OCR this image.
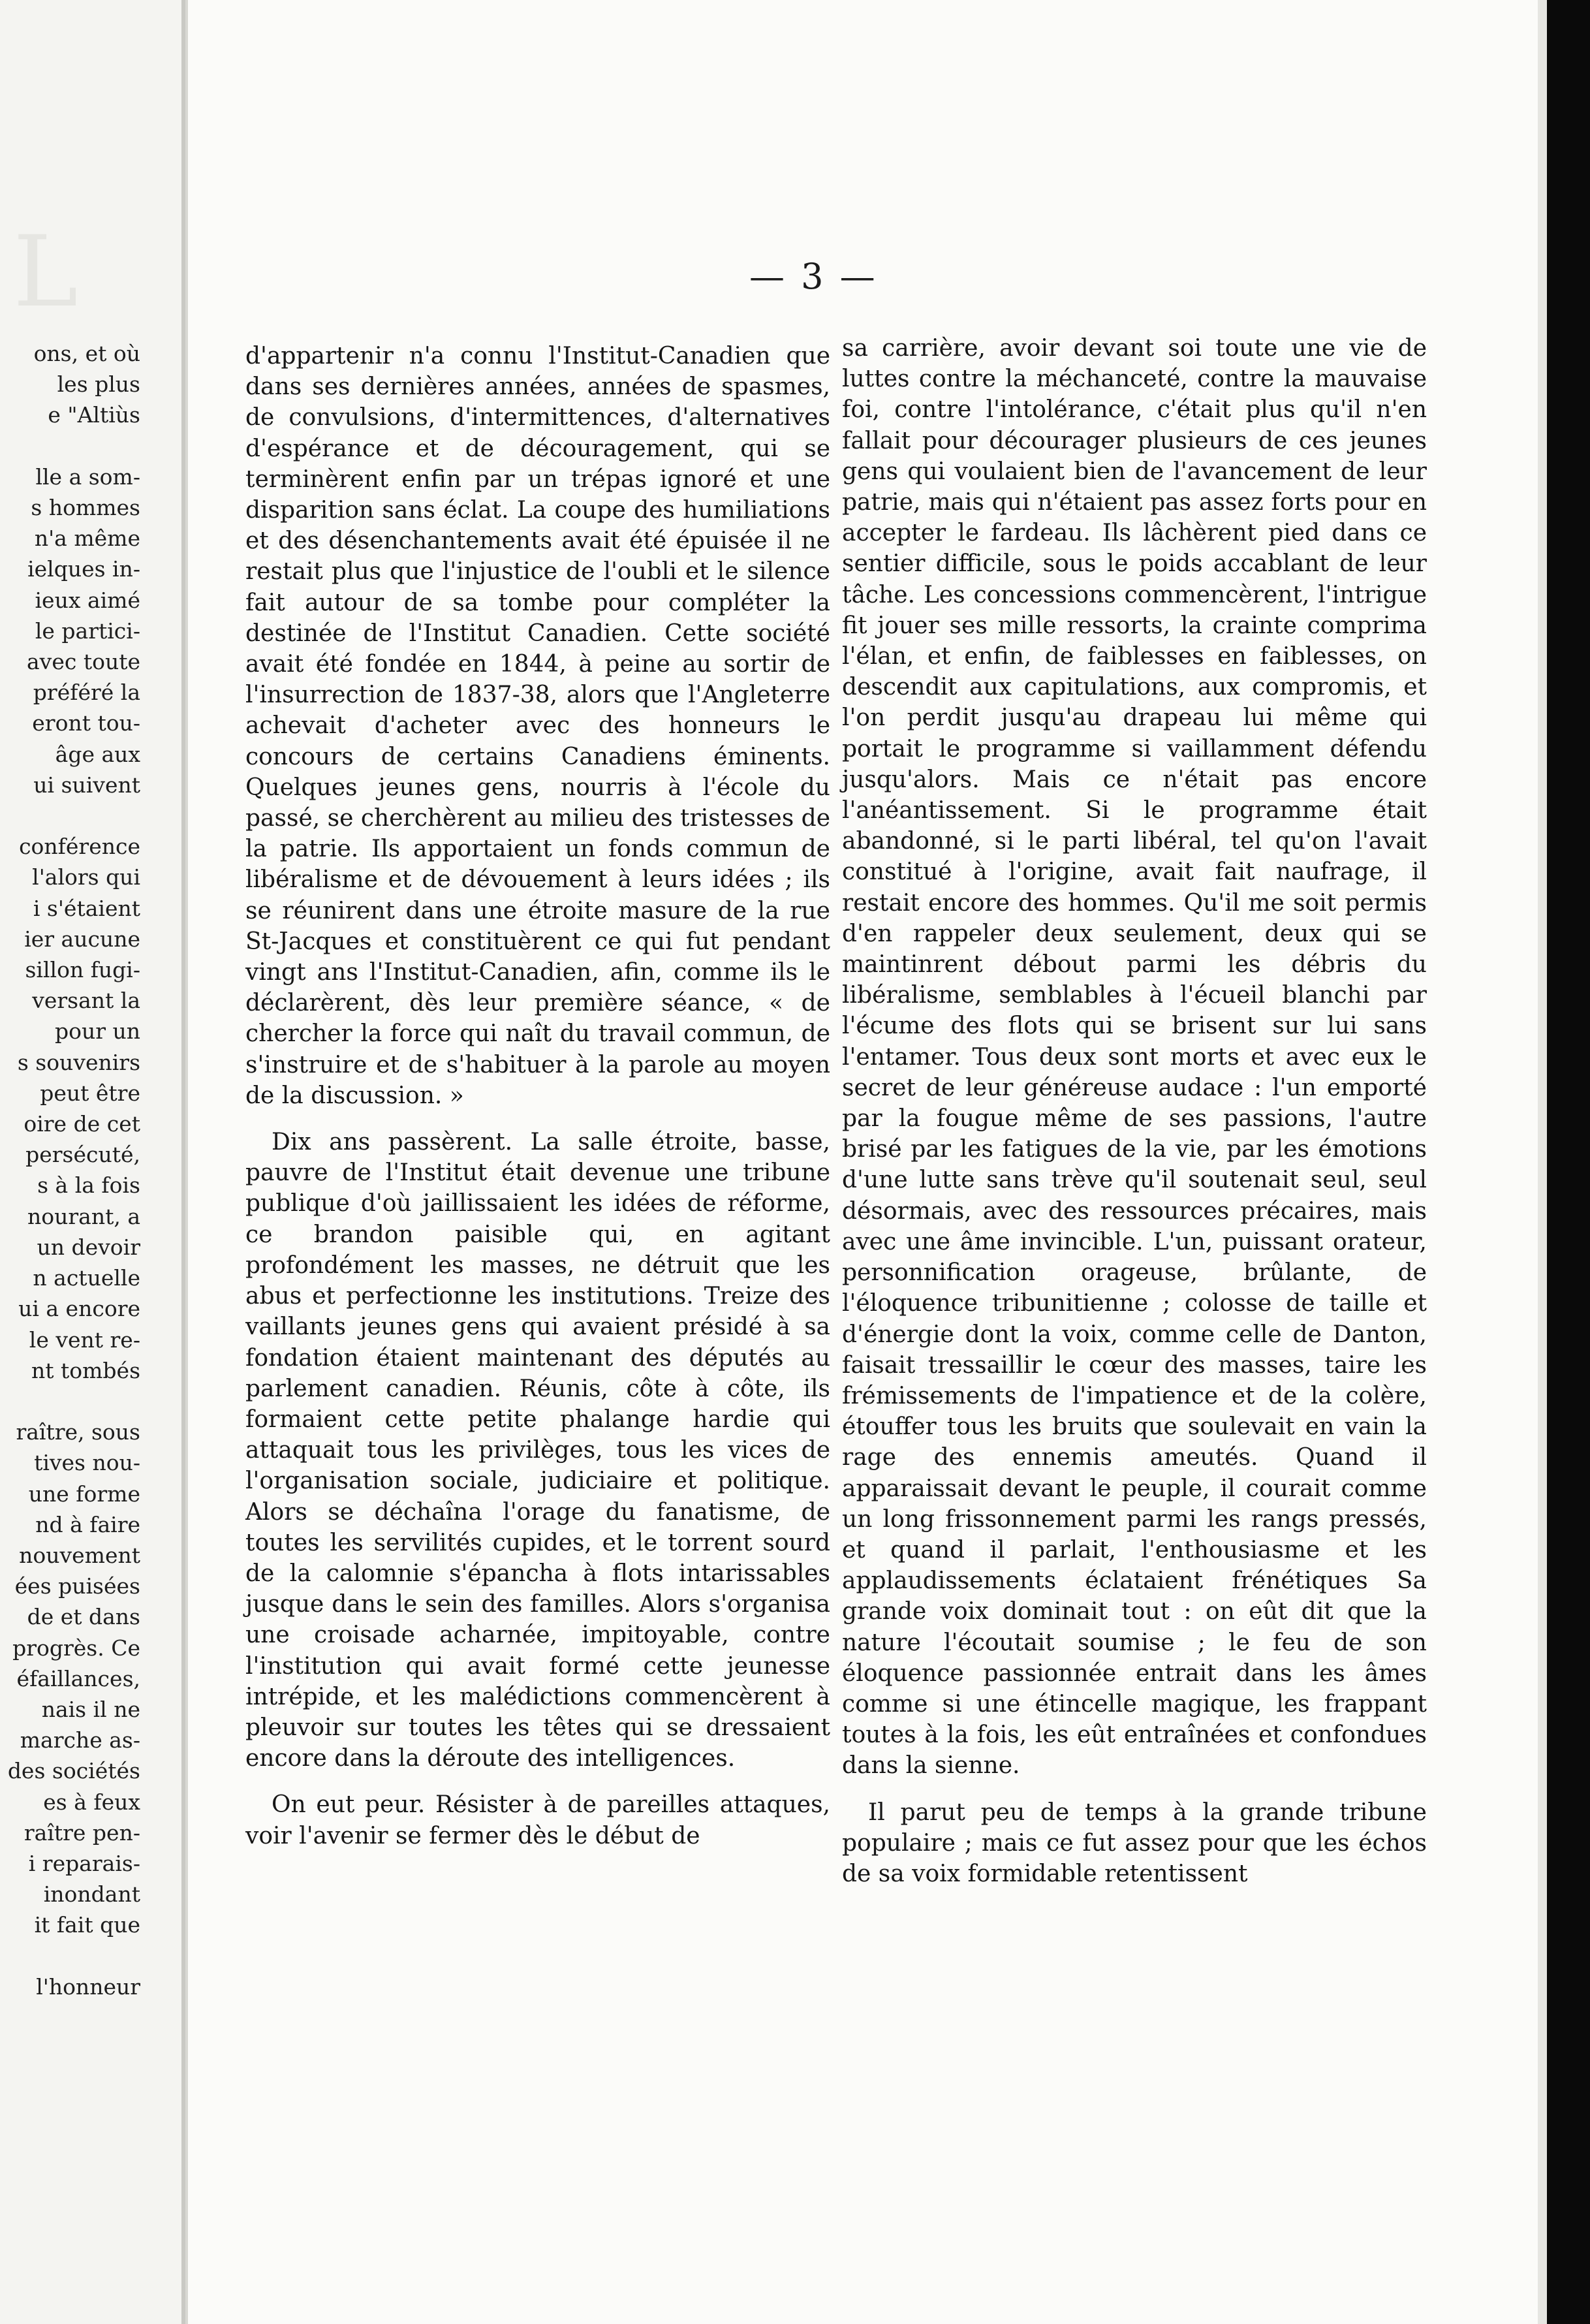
L
ons, et où
les plus
e "Altiùs

lle a som-
s hommes
n'a même
ielques in-
ieux aimé
le partici-
avec toute
préféré la
eront tou-
âge aux
ui suivent

conférence
l'alors qui
i s'étaient
ier aucune
sillon fugi-
versant la
pour un
s souvenirs
peut être
oire de cet
persécuté,
s à la fois
nourant, a
un devoir
n actuelle
ui a encore
le vent re-
nt tombés

raître, sous
tives nou-
une forme
nd à faire
nouvement
ées puisées
de et dans
progrès. Ce
éfaillances,
nais il ne
marche as-
des sociétés
es à feux
raître pen-
i reparais-
inondant
it fait que

l'honneur
— 3 —

d'appartenir n'a connu l'Institut-Canadien que dans ses dernières années, années de spasmes, de convulsions, d'intermittences, d'alternatives d'espérance et de découragement, qui se terminèrent enfin par un trépas ignoré et une disparition sans éclat. La coupe des humiliations et des désenchantements avait été épuisée il ne restait plus que l'injustice de l'oubli et le silence fait autour de sa tombe pour compléter la destinée de l'Institut Canadien. Cette société avait été fondée en 1844, à peine au sortir de l'insurrection de 1837-38, alors que l'Angleterre achevait d'acheter avec des honneurs le concours de certains Canadiens éminents. Quelques jeunes gens, nourris à l'école du passé, se cherchèrent au milieu des tristesses de la patrie. Ils apportaient un fonds commun de libéralisme et de dévouement à leurs idées ; ils se réunirent dans une étroite masure de la rue St-Jacques et constituèrent ce qui fut pendant vingt ans l'Institut-Canadien, afin, comme ils le déclarèrent, dès leur première séance, « de chercher la force qui naît du travail commun, de s'instruire et de s'habituer à la parole au moyen de la discussion. »

Dix ans passèrent. La salle étroite, basse, pauvre de l'Institut était devenue une tribune publique d'où jaillissaient les idées de réforme, ce brandon paisible qui, en agitant profondément les masses, ne détruit que les abus et perfectionne les institutions. Treize des vaillants jeunes gens qui avaient présidé à sa fondation étaient maintenant des députés au parlement canadien. Réunis, côte à côte, ils formaient cette petite phalange hardie qui attaquait tous les privilèges, tous les vices de l'organisation sociale, judiciaire et politique. Alors se déchaîna l'orage du fanatisme, de toutes les servilités cupides, et le torrent sourd de la calomnie s'épancha à flots intarissables jusque dans le sein des familles. Alors s'organisa une croisade acharnée, impitoyable, contre l'institution qui avait formé cette jeunesse intrépide, et les malédictions commencèrent à pleuvoir sur toutes les têtes qui se dressaient encore dans la déroute des intelligences.

On eut peur. Résister à de pareilles attaques, voir l'avenir se fermer dès le début de

sa carrière, avoir devant soi toute une vie de luttes contre la méchanceté, contre la mauvaise foi, contre l'intolérance, c'était plus qu'il n'en fallait pour décourager plusieurs de ces jeunes gens qui voulaient bien de l'avancement de leur patrie, mais qui n'étaient pas assez forts pour en accepter le fardeau. Ils lâchèrent pied dans ce sentier difficile, sous le poids accablant de leur tâche. Les concessions commencèrent, l'intrigue fit jouer ses mille ressorts, la crainte comprima l'élan, et enfin, de faiblesses en faiblesses, on descendit aux capitulations, aux compromis, et l'on perdit jusqu'au drapeau lui même qui portait le programme si vaillamment défendu jusqu'alors. Mais ce n'était pas encore l'anéantissement. Si le programme était abandonné, si le parti libéral, tel qu'on l'avait constitué à l'origine, avait fait naufrage, il restait encore des hommes. Qu'il me soit permis d'en rappeler deux seulement, deux qui se maintinrent débout parmi les débris du libéralisme, semblables à l'écueil blanchi par l'écume des flots qui se brisent sur lui sans l'entamer. Tous deux sont morts et avec eux le secret de leur généreuse audace : l'un emporté par la fougue même de ses passions, l'autre brisé par les fatigues de la vie, par les émotions d'une lutte sans trève qu'il soutenait seul, seul désormais, avec des ressources précaires, mais avec une âme invincible. L'un, puissant orateur, personnification orageuse, brûlante, de l'éloquence tribunitienne ; colosse de taille et d'énergie dont la voix, comme celle de Danton, faisait tressaillir le cœur des masses, taire les frémissements de l'impatience et de la colère, étouffer tous les bruits que soulevait en vain la rage des ennemis ameutés. Quand il apparaissait devant le peuple, il courait comme un long frissonnement parmi les rangs pressés, et quand il parlait, l'enthousiasme et les applaudissements éclataient frénétiques Sa grande voix dominait tout : on eût dit que la nature l'écoutait soumise ; le feu de son éloquence passionnée entrait dans les âmes comme si une étincelle magique, les frappant toutes à la fois, les eût entraînées et confondues dans la sienne.

Il parut peu de temps à la grande tribune populaire ; mais ce fut assez pour que les échos de sa voix formidable retentissent
